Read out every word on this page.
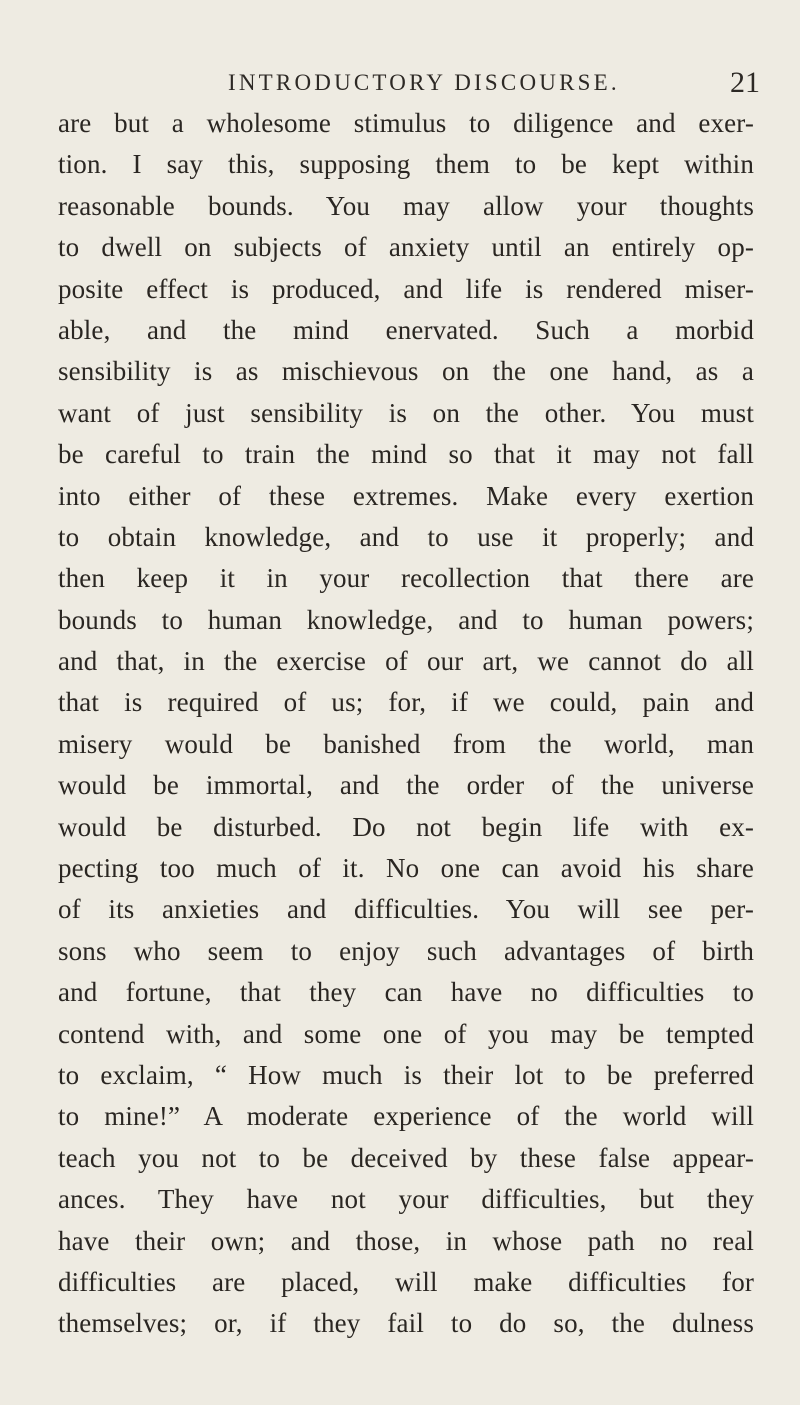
INTRODUCTORY DISCOURSE.	21
are but a wholesome stimulus to diligence and exer-
tion. I say this, supposing them to be kept within
reasonable bounds. You may allow your thoughts
to dwell on subjects of anxiety until an entirely op-
posite effect is produced, and life is rendered miser-
able, and the mind enervated. Such a morbid
sensibility is as mischievous on the one hand, as a
want of just sensibility is on the other. You must
be careful to train the mind so that it may not fall
into either of these extremes. Make every exertion
to obtain knowledge, and to use it properly; and
then keep it in your recollection that there are
bounds to human knowledge, and to human powers;
and that, in the exercise of our art, we cannot do all
that is required of us; for, if we could, pain and
misery would be banished from the world, man
would be immortal, and the order of the universe
would be disturbed. Do not begin life with ex-
pecting too much of it. No one can avoid his share
of its anxieties and difficulties. You will see per-
sons who seem to enjoy such advantages of birth
and fortune, that they can have no difficulties to
contend with, and some one of you may be tempted
to exclaim, “ How much is their lot to be preferred
to mine!” A moderate experience of the world will
teach you not to be deceived by these false appear-
ances. They have not your difficulties, but they
have their own; and those, in whose path no real
difficulties are placed, will make difficulties for
themselves; or, if they fail to do so, the dulness
